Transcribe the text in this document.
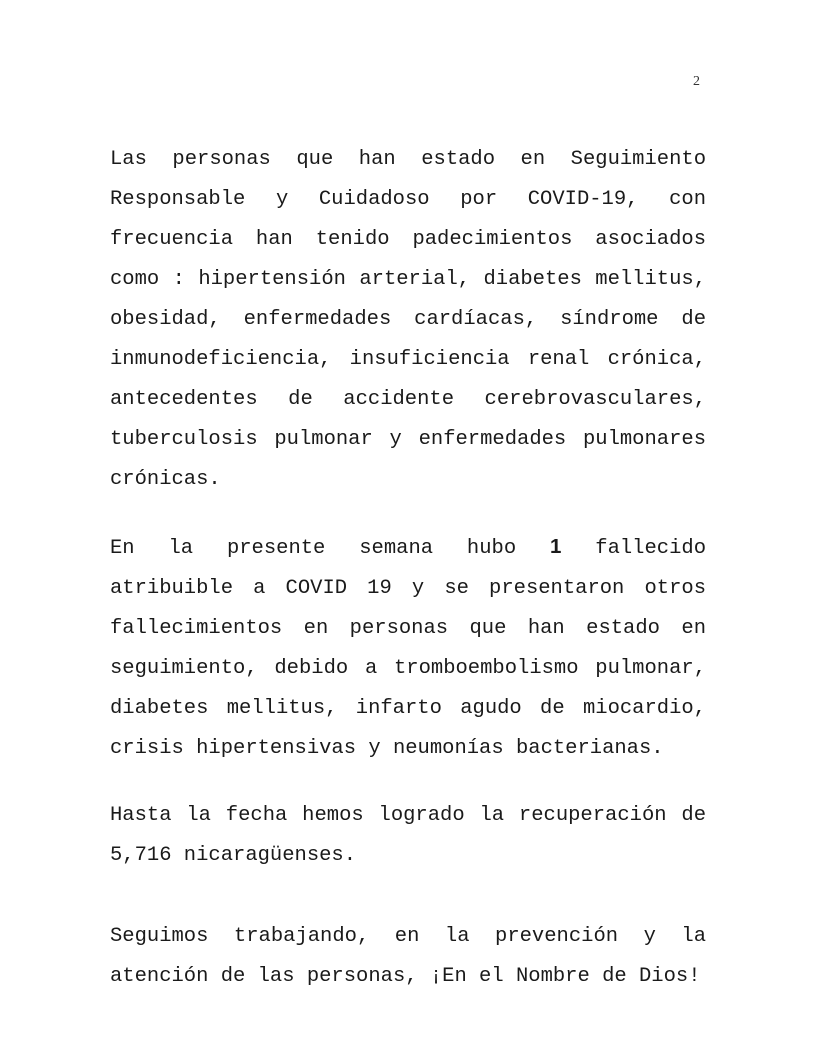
2

Las personas que han estado en Seguimiento Responsable y Cuidadoso por COVID-19, con frecuencia han tenido padecimientos asociados como : hipertensión arterial, diabetes mellitus, obesidad, enfermedades cardíacas, síndrome de inmunodeficiencia, insuficiencia renal crónica, antecedentes de accidente cerebrovasculares, tuberculosis pulmonar y enfermedades pulmonares crónicas.

En la presente semana hubo 1 fallecido atribuible a COVID 19 y se presentaron otros fallecimientos en personas que han estado en seguimiento, debido a tromboembolismo pulmonar, diabetes mellitus, infarto agudo de miocardio, crisis hipertensivas y neumonías bacterianas.

Hasta la fecha hemos logrado la recuperación de 5,716 nicaragüenses.

Seguimos trabajando, en la prevención y la atención de las personas, ¡En el Nombre de Dios!
